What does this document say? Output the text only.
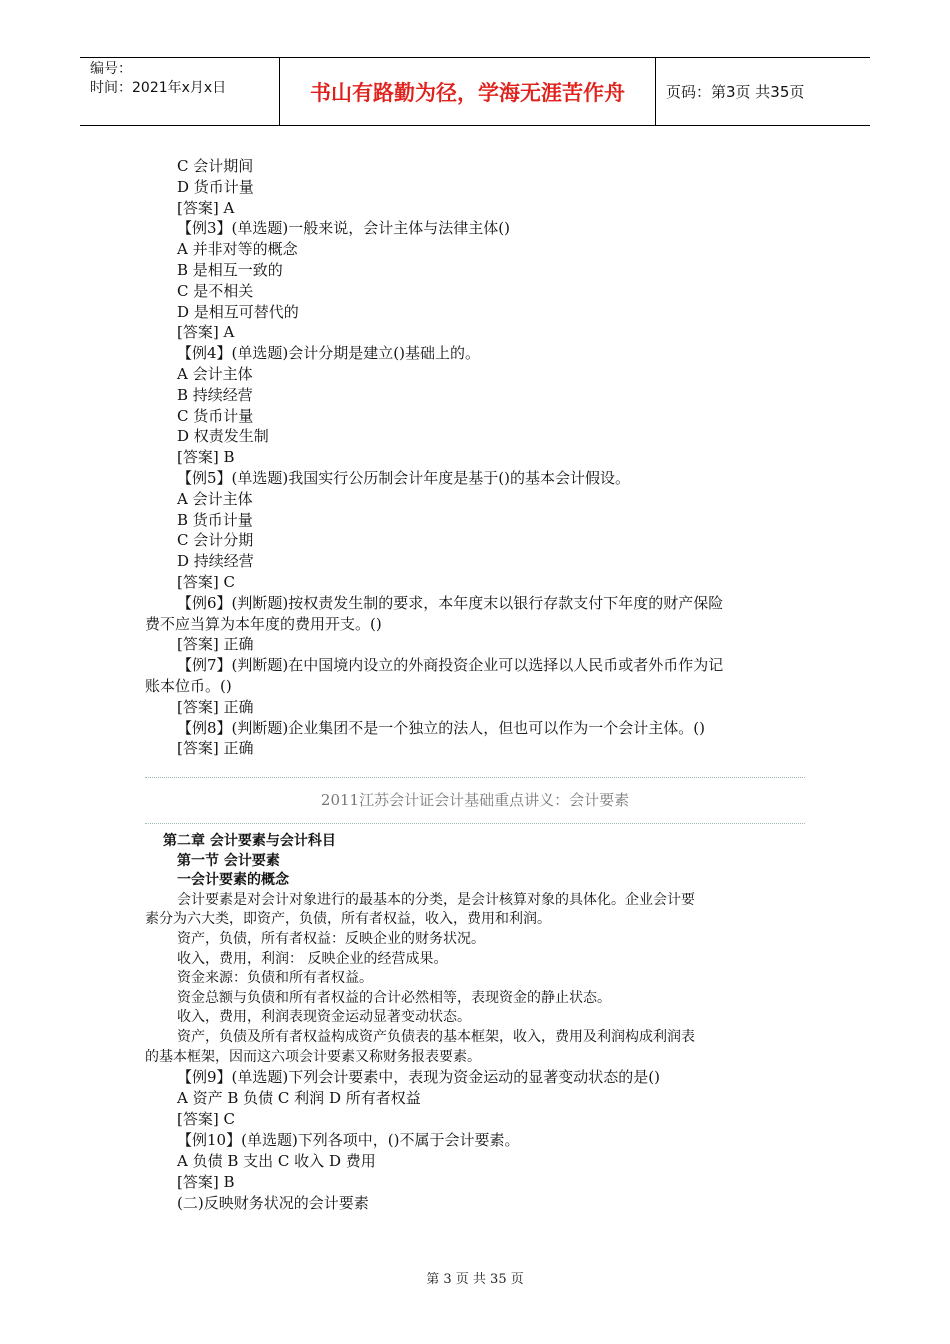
编号：
时间：2021年x月x日	书山有路勤为径，学海无涯苦作舟	页码：第3页 共35页

C 会计期间

D 货币计量

[答案] A

【例3】(单选题)一般来说，会计主体与法律主体()

A 并非对等的概念

B 是相互一致的

C 是不相关

D 是相互可替代的

[答案] A

【例4】(单选题)会计分期是建立()基础上的。

A 会计主体

B 持续经营

C 货币计量

D 权责发生制

[答案] B

【例5】(单选题)我国实行公历制会计年度是基于()的基本会计假设。

A 会计主体

B 货币计量

C 会计分期

D 持续经营

[答案] C

【例6】(判断题)按权责发生制的要求，本年度末以银行存款支付下年度的财产保险

费不应当算为本年度的费用开支。()

[答案] 正确

【例7】(判断题)在中国境内设立的外商投资企业可以选择以人民币或者外币作为记

账本位币。()

[答案] 正确

【例8】(判断题)企业集团不是一个独立的法人，但也可以作为一个会计主体。()

[答案] 正确

2011江苏会计证会计基础重点讲义：会计要素

第二章 会计要素与会计科目

第一节 会计要素

一会计要素的概念

会计要素是对会计对象进行的最基本的分类，是会计核算对象的具体化。企业会计要

素分为六大类，即资产，负债，所有者权益，收入，费用和利润。

资产，负债，所有者权益：反映企业的财务状况。

收入，费用，利润： 反映企业的经营成果。

资金来源：负债和所有者权益。

资金总额与负债和所有者权益的合计必然相等，表现资金的静止状态。

收入，费用，利润表现资金运动显著变动状态。

资产，负债及所有者权益构成资产负债表的基本框架，收入，费用及利润构成利润表

的基本框架，因而这六项会计要素又称财务报表要素。

【例9】(单选题)下列会计要素中，表现为资金运动的显著变动状态的是()

A 资产 B 负债 C 利润 D 所有者权益

[答案] C

【例10】(单选题)下列各项中，()不属于会计要素。

A 负债 B 支出 C 收入 D 费用

[答案] B

(二)反映财务状况的会计要素

第 3 页 共 35 页
